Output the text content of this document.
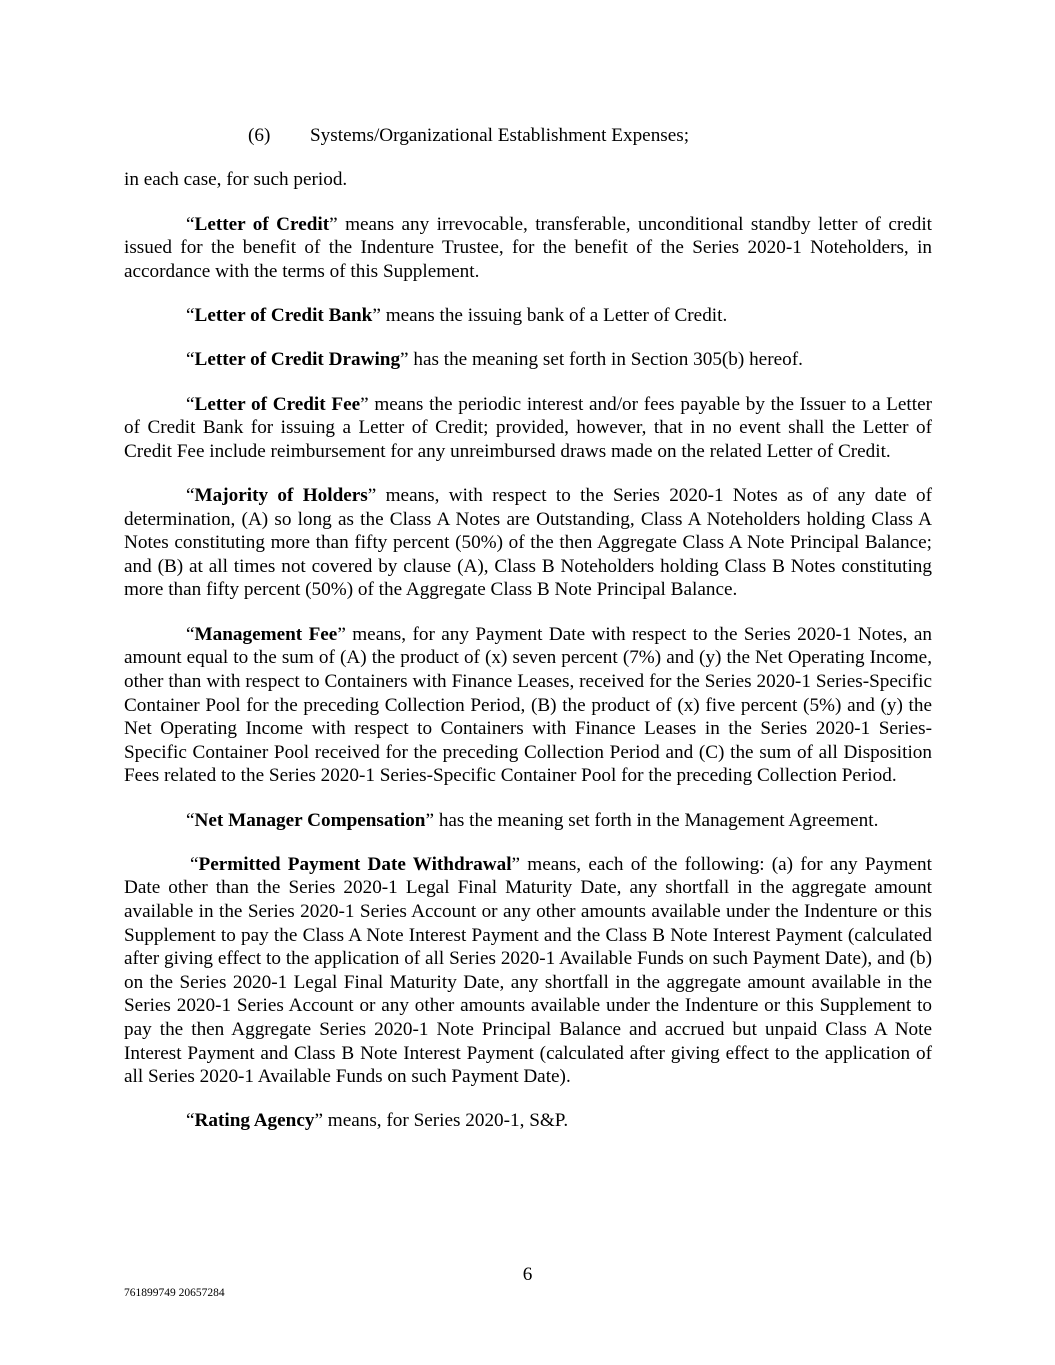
(6) Systems/Organizational Establishment Expenses;

in each case, for such period.

“Letter of Credit” means any irrevocable, transferable, unconditional standby letter of credit issued for the benefit of the Indenture Trustee, for the benefit of the Series 2020-1 Noteholders, in accordance with the terms of this Supplement.

“Letter of Credit Bank” means the issuing bank of a Letter of Credit.

“Letter of Credit Drawing” has the meaning set forth in Section 305(b) hereof.

“Letter of Credit Fee” means the periodic interest and/or fees payable by the Issuer to a Letter of Credit Bank for issuing a Letter of Credit; provided, however, that in no event shall the Letter of Credit Fee include reimbursement for any unreimbursed draws made on the related Letter of Credit.

“Majority of Holders” means, with respect to the Series 2020-1 Notes as of any date of determination, (A) so long as the Class A Notes are Outstanding, Class A Noteholders holding Class A Notes constituting more than fifty percent (50%) of the then Aggregate Class A Note Principal Balance; and (B) at all times not covered by clause (A), Class B Noteholders holding Class B Notes constituting more than fifty percent (50%) of the Aggregate Class B Note Principal Balance.

“Management Fee” means, for any Payment Date with respect to the Series 2020-1 Notes, an amount equal to the sum of (A) the product of (x) seven percent (7%) and (y) the Net Operating Income, other than with respect to Containers with Finance Leases, received for the Series 2020-1 Series-Specific Container Pool for the preceding Collection Period, (B) the product of (x) five percent (5%) and (y) the Net Operating Income with respect to Containers with Finance Leases in the Series 2020-1 Series-Specific Container Pool received for the preceding Collection Period and (C) the sum of all Disposition Fees related to the Series 2020-1 Series-Specific Container Pool for the preceding Collection Period.

“Net Manager Compensation” has the meaning set forth in the Management Agreement.

“Permitted Payment Date Withdrawal” means, each of the following: (a) for any Payment Date other than the Series 2020-1 Legal Final Maturity Date, any shortfall in the aggregate amount available in the Series 2020-1 Series Account or any other amounts available under the Indenture or this Supplement to pay the Class A Note Interest Payment and the Class B Note Interest Payment (calculated after giving effect to the application of all Series 2020-1 Available Funds on such Payment Date), and (b) on the Series 2020-1 Legal Final Maturity Date, any shortfall in the aggregate amount available in the Series 2020-1 Series Account or any other amounts available under the Indenture or this Supplement to pay the then Aggregate Series 2020-1 Note Principal Balance and accrued but unpaid Class A Note Interest Payment and Class B Note Interest Payment (calculated after giving effect to the application of all Series 2020-1 Available Funds on such Payment Date).

“Rating Agency” means, for Series 2020-1, S&P.

6
761899749 20657284
